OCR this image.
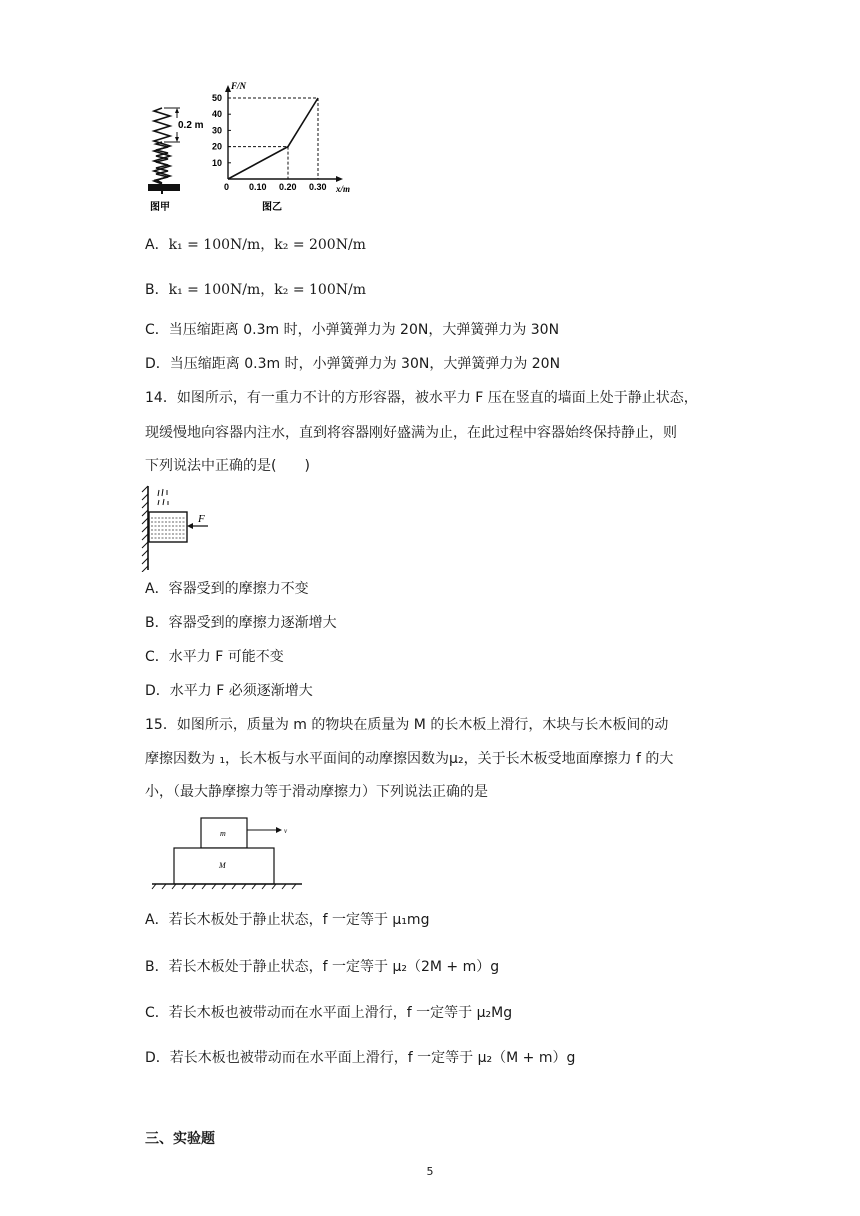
0.2 m
图甲
F/N
x/m
50
40
30
20
10
0 0.10 0.20 0.30
图乙
A．k₁ = 100N/m，k₂ = 200N/m
B．k₁ = 100N/m，k₂ = 100N/m
C．当压缩距离 0.3m 时，小弹簧弹力为 20N，大弹簧弹力为 30N
D．当压缩距离 0.3m 时，小弹簧弹力为 30N，大弹簧弹力为 20N
14．如图所示，有一重力不计的方形容器，被水平力 F 压在竖直的墙面上处于静止状态，
现缓慢地向容器内注水，直到将容器刚好盛满为止，在此过程中容器始终保持静止，则
下列说法中正确的是(　　)
F
A．容器受到的摩擦力不变
B．容器受到的摩擦力逐渐增大
C．水平力 F 可能不变
D．水平力 F 必须逐渐增大
15．如图所示，质量为 m 的物块在质量为 M 的长木板上滑行，木块与长木板间的动
摩擦因数为 ₁，长木板与水平面间的动摩擦因数为μ₂，关于长木板受地面摩擦力 f 的大
小，（最大静摩擦力等于滑动摩擦力）下列说法正确的是
m	v
M
A．若长木板处于静止状态，f 一定等于 μ₁mg
B．若长木板处于静止状态，f 一定等于 μ₂（2M + m）g
C．若长木板也被带动而在水平面上滑行，f 一定等于 μ₂Mg
D．若长木板也被带动而在水平面上滑行，f 一定等于 μ₂（M + m）g
三、实验题
5
